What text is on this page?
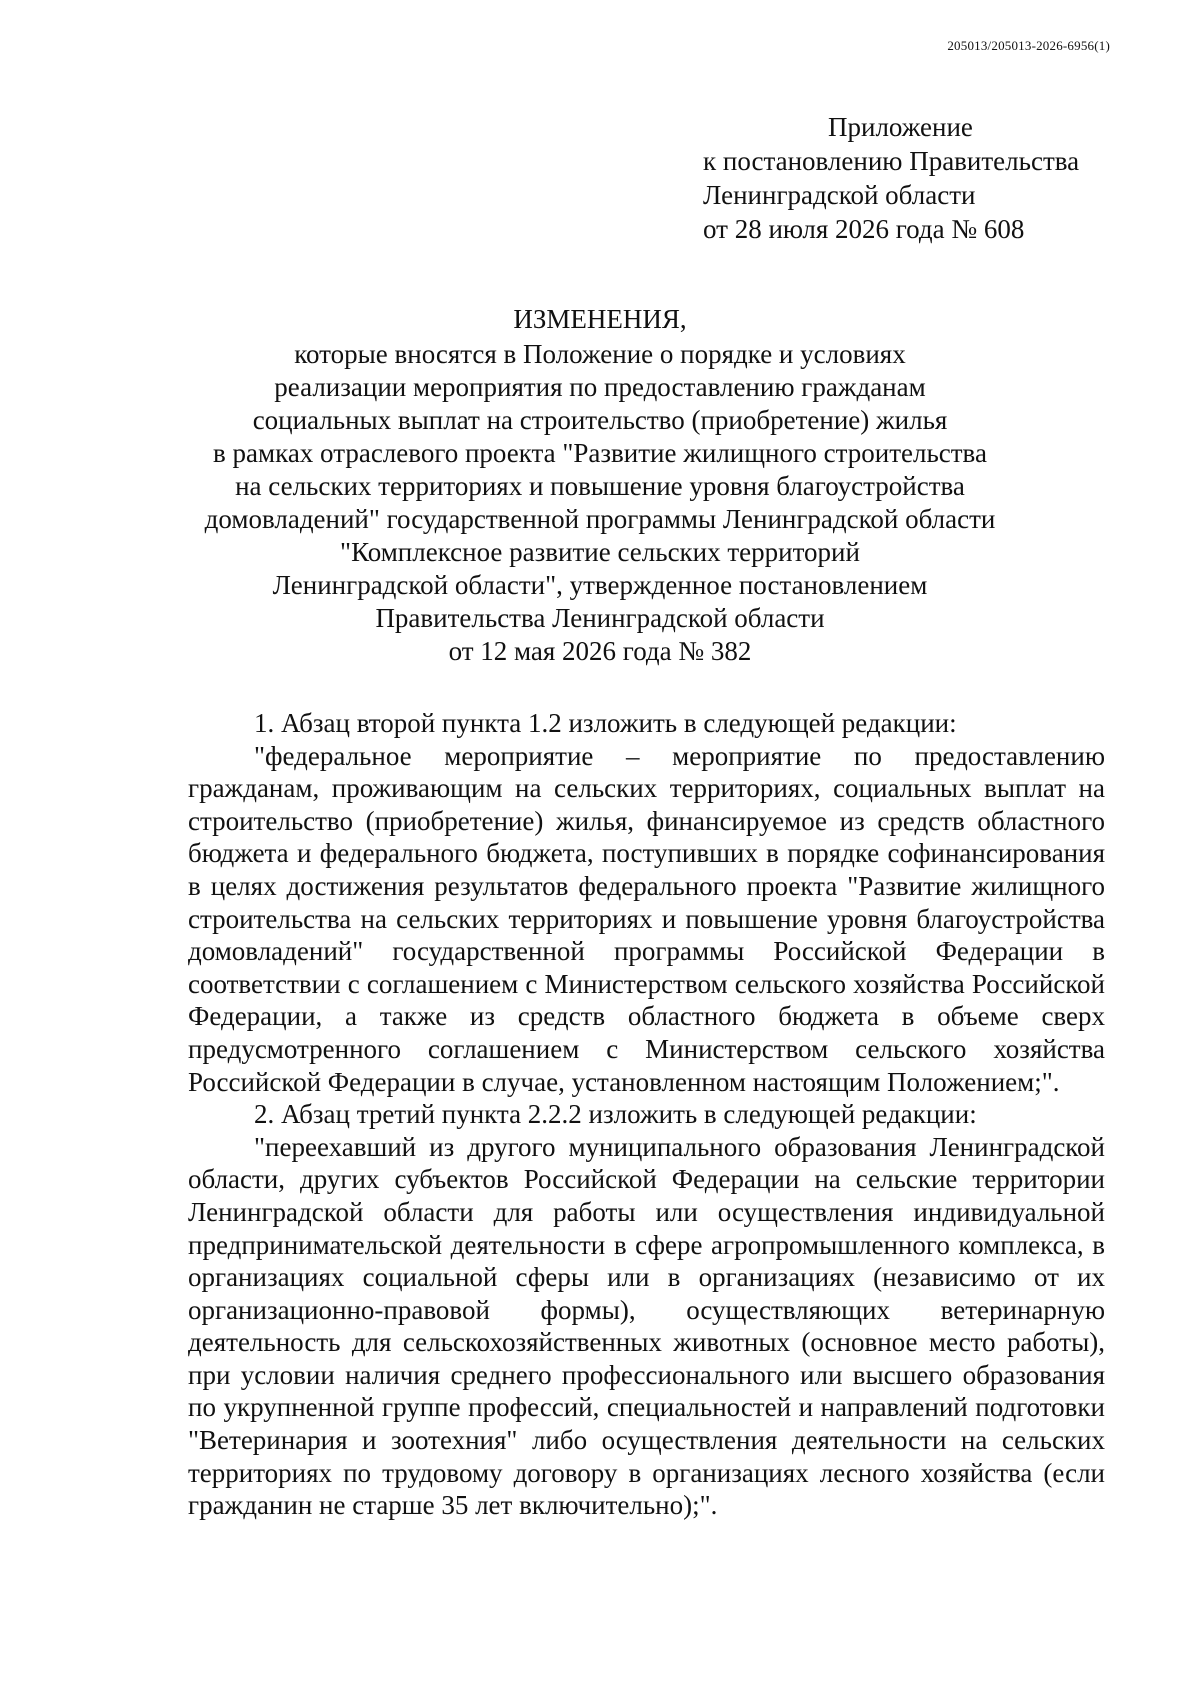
205013/205013-2026-6956(1)
Приложение
к постановлению Правительства
Ленинградской области
от 28 июля 2026 года № 608
ИЗМЕНЕНИЯ,
которые вносятся в Положение о порядке и условиях
реализации мероприятия по предоставлению гражданам
социальных выплат на строительство (приобретение) жилья
в рамках отраслевого проекта "Развитие жилищного строительства
на сельских территориях и повышение уровня благоустройства
домовладений" государственной программы Ленинградской области
"Комплексное развитие сельских территорий
Ленинградской области", утвержденное постановлением
Правительства Ленинградской области
от 12 мая 2026 года № 382

1. Абзац второй пункта 1.2 изложить в следующей редакции:

"федеральное мероприятие – мероприятие по предоставлению гражданам, проживающим на сельских территориях, социальных выплат на строительство (приобретение) жилья, финансируемое из средств областного бюджета и федерального бюджета, поступивших в порядке софинансирования в целях достижения результатов федерального проекта "Развитие жилищного строительства на сельских территориях и повышение уровня благоустройства домовладений" государственной программы Российской Федерации в соответствии с соглашением с Министерством сельского хозяйства Российской Федерации, а также из средств областного бюджета в объеме сверх предусмотренного соглашением с Министерством сельского хозяйства Российской Федерации в случае, установленном настоящим Положением;".

2. Абзац третий пункта 2.2.2 изложить в следующей редакции:

"переехавший из другого муниципального образования Ленинградской области, других субъектов Российской Федерации на сельские территории Ленинградской области для работы или осуществления индивидуальной предпринимательской деятельности в сфере агропромышленного комплекса, в организациях социальной сферы или в организациях (независимо от их организационно-правовой формы), осуществляющих ветеринарную деятельность для сельскохозяйственных животных (основное место работы), при условии наличия среднего профессионального или высшего образования по укрупненной группе профессий, специальностей и направлений подготовки "Ветеринария и зоотехния" либо осуществления деятельности на сельских территориях по трудовому договору в организациях лесного хозяйства (если гражданин не старше 35 лет включительно);".
